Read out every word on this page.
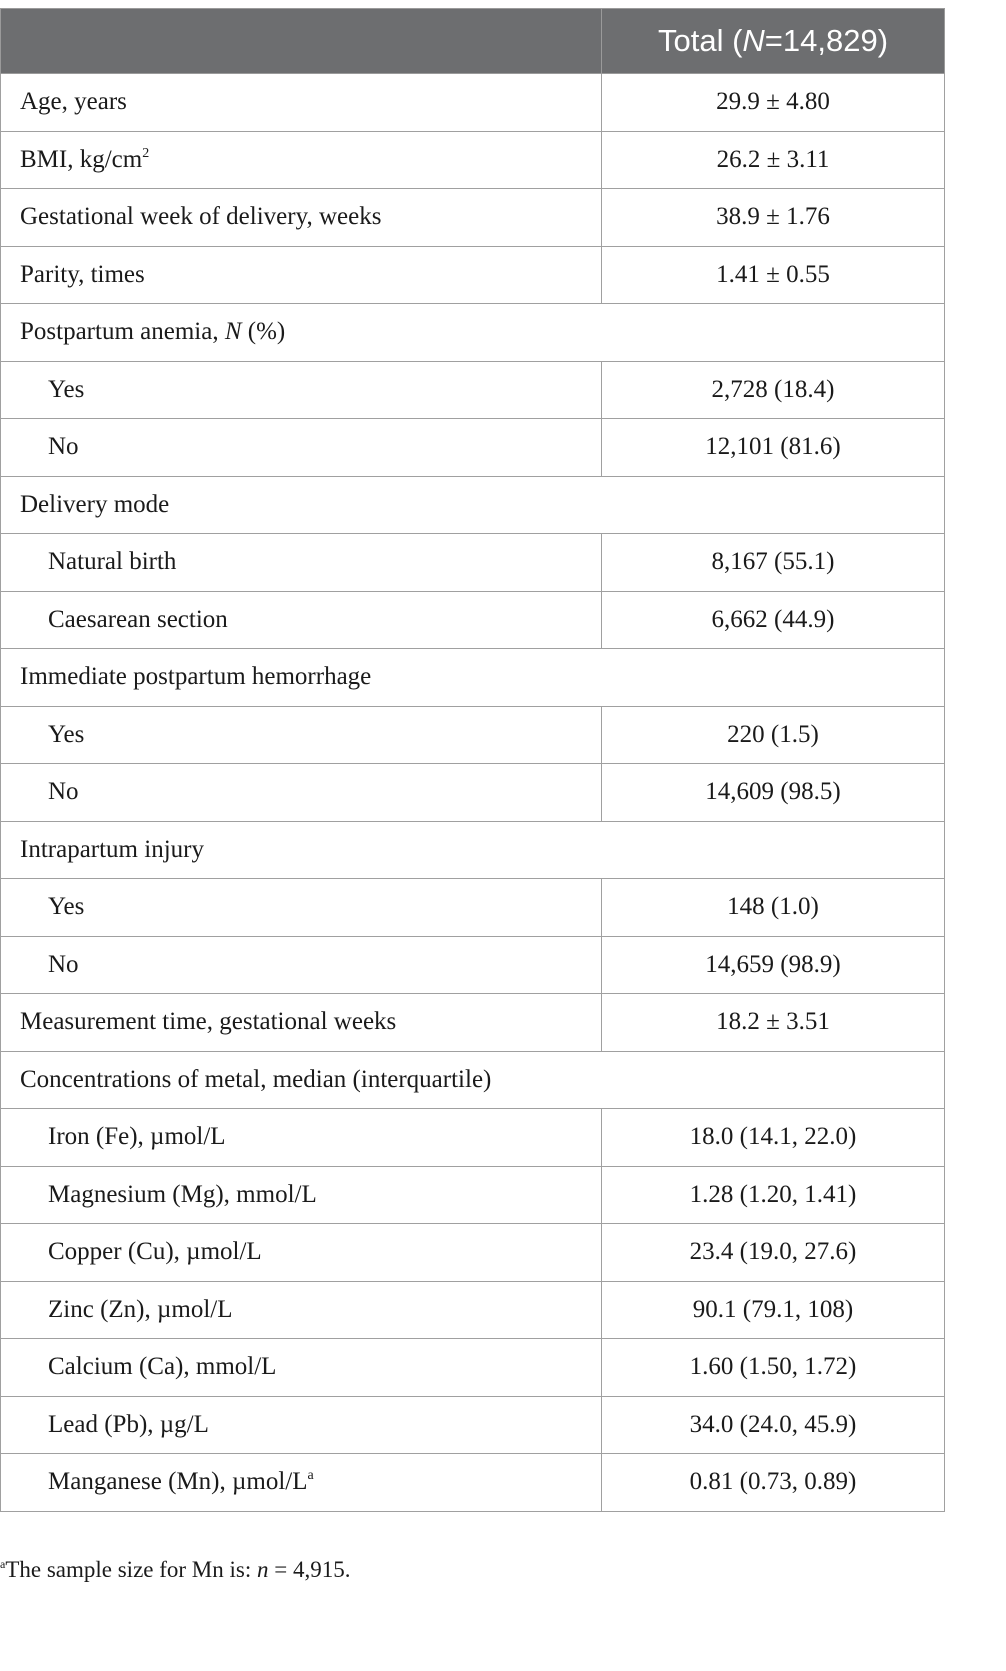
	Total (N=14,829)
Age, years	29.9 ± 4.80
BMI, $kg/cm^2$	26.2 ± 3.11
Gestational week of delivery, weeks	38.9 ± 1.76
Parity, times	1.41 ± 0.55
Postpartum anemia, N (%)	
Yes	2,728 (18.4)
No	12,101 (81.6)
Delivery mode	
Natural birth	8,167 (55.1)
Caesarean section	6,662 (44.9)
Immediate postpartum hemorrhage	
Yes	220 (1.5)
No	14,609 (98.5)
Intrapartum injury	
Yes	148 (1.0)
No	14,659 (98.9)
Measurement time, gestational weeks	18.2 ± 3.51
Concentrations of metal, median (interquartile)	
Iron (Fe), µmol/L	18.0 (14.1, 22.0)
Magnesium (Mg), mmol/L	1.28 (1.20, 1.41)
Copper (Cu), µmol/L	23.4 (19.0, 27.6)
Zinc (Zn), µmol/L	90.1 (79.1, 108)
Calcium (Ca), mmol/L	1.60 (1.50, 1.72)
Lead (Pb), µg/L	34.0 (24.0, 45.9)
Manganese (Mn), µmol/$L^a$	0.81 (0.73, 0.89)
$^a$The sample size for Mn is: n = 4,915.
